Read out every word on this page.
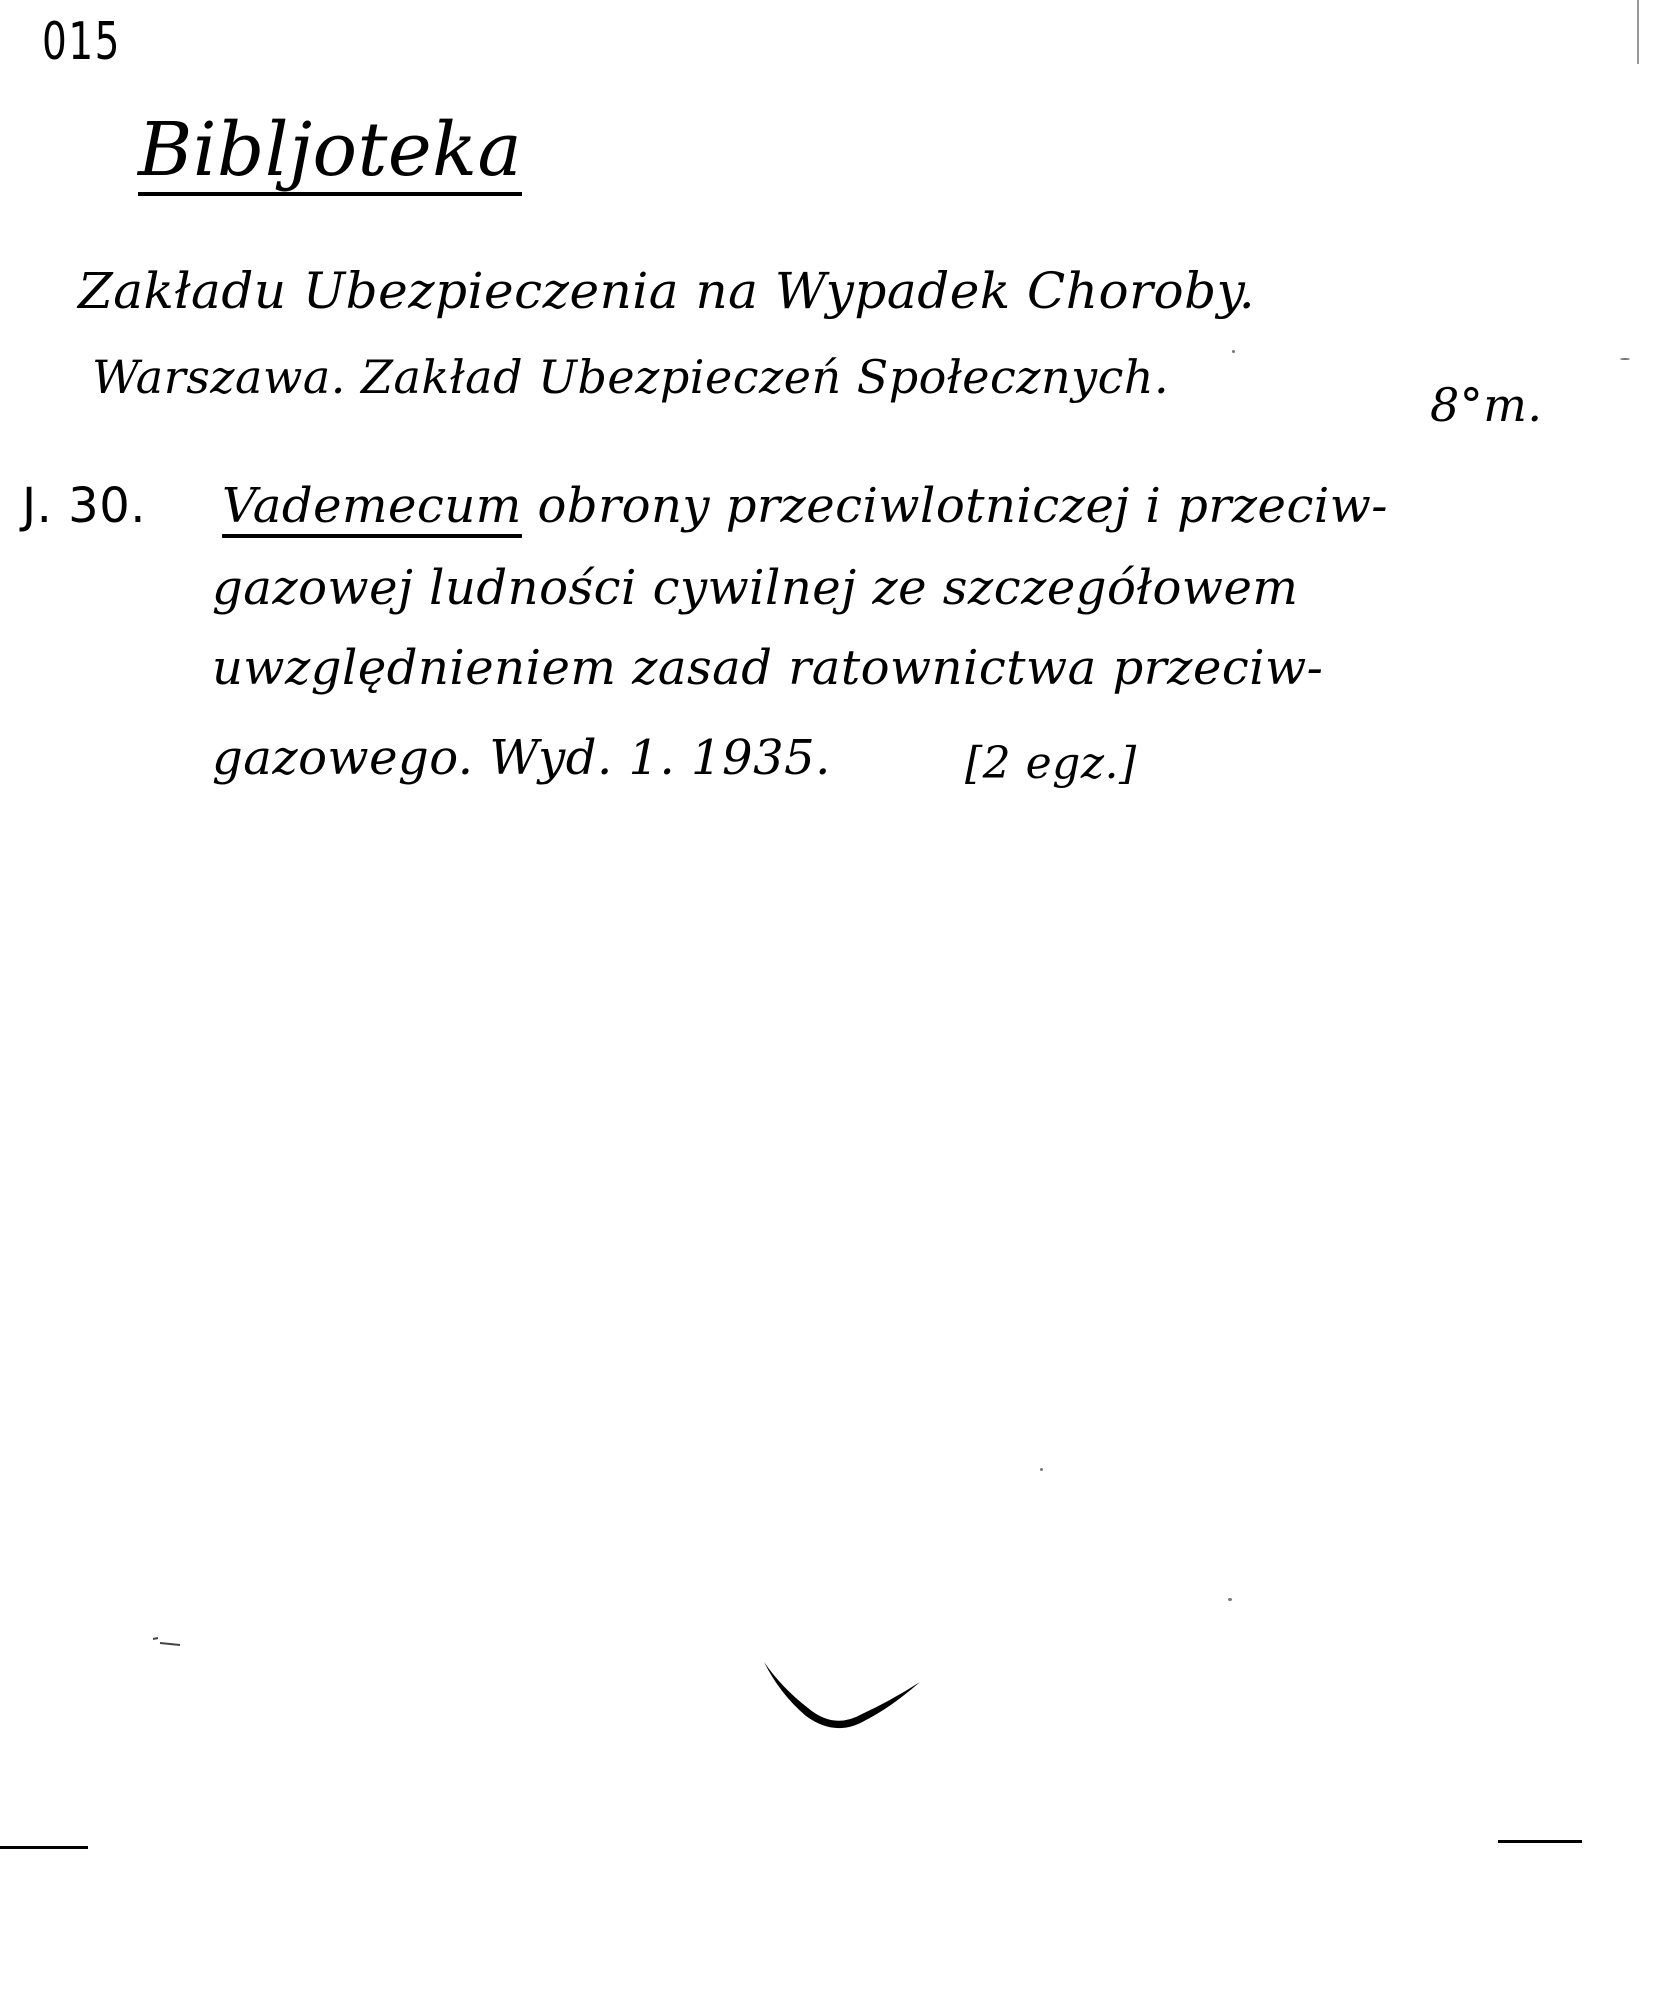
015
Bibljoteka
Zakładu Ubezpieczenia na Wypadek Choroby.
Warszawa. Zakład Ubezpieczeń Społecznych.
8°m.
J. 30. Vademecum obrony przeciwlotniczej i przeciw-
gazowej ludności cywilnej ze szczegółowem
uwzględnieniem zasad ratownictwa przeciw-
gazowego. Wyd. 1. 1935.	[2 egz.]
